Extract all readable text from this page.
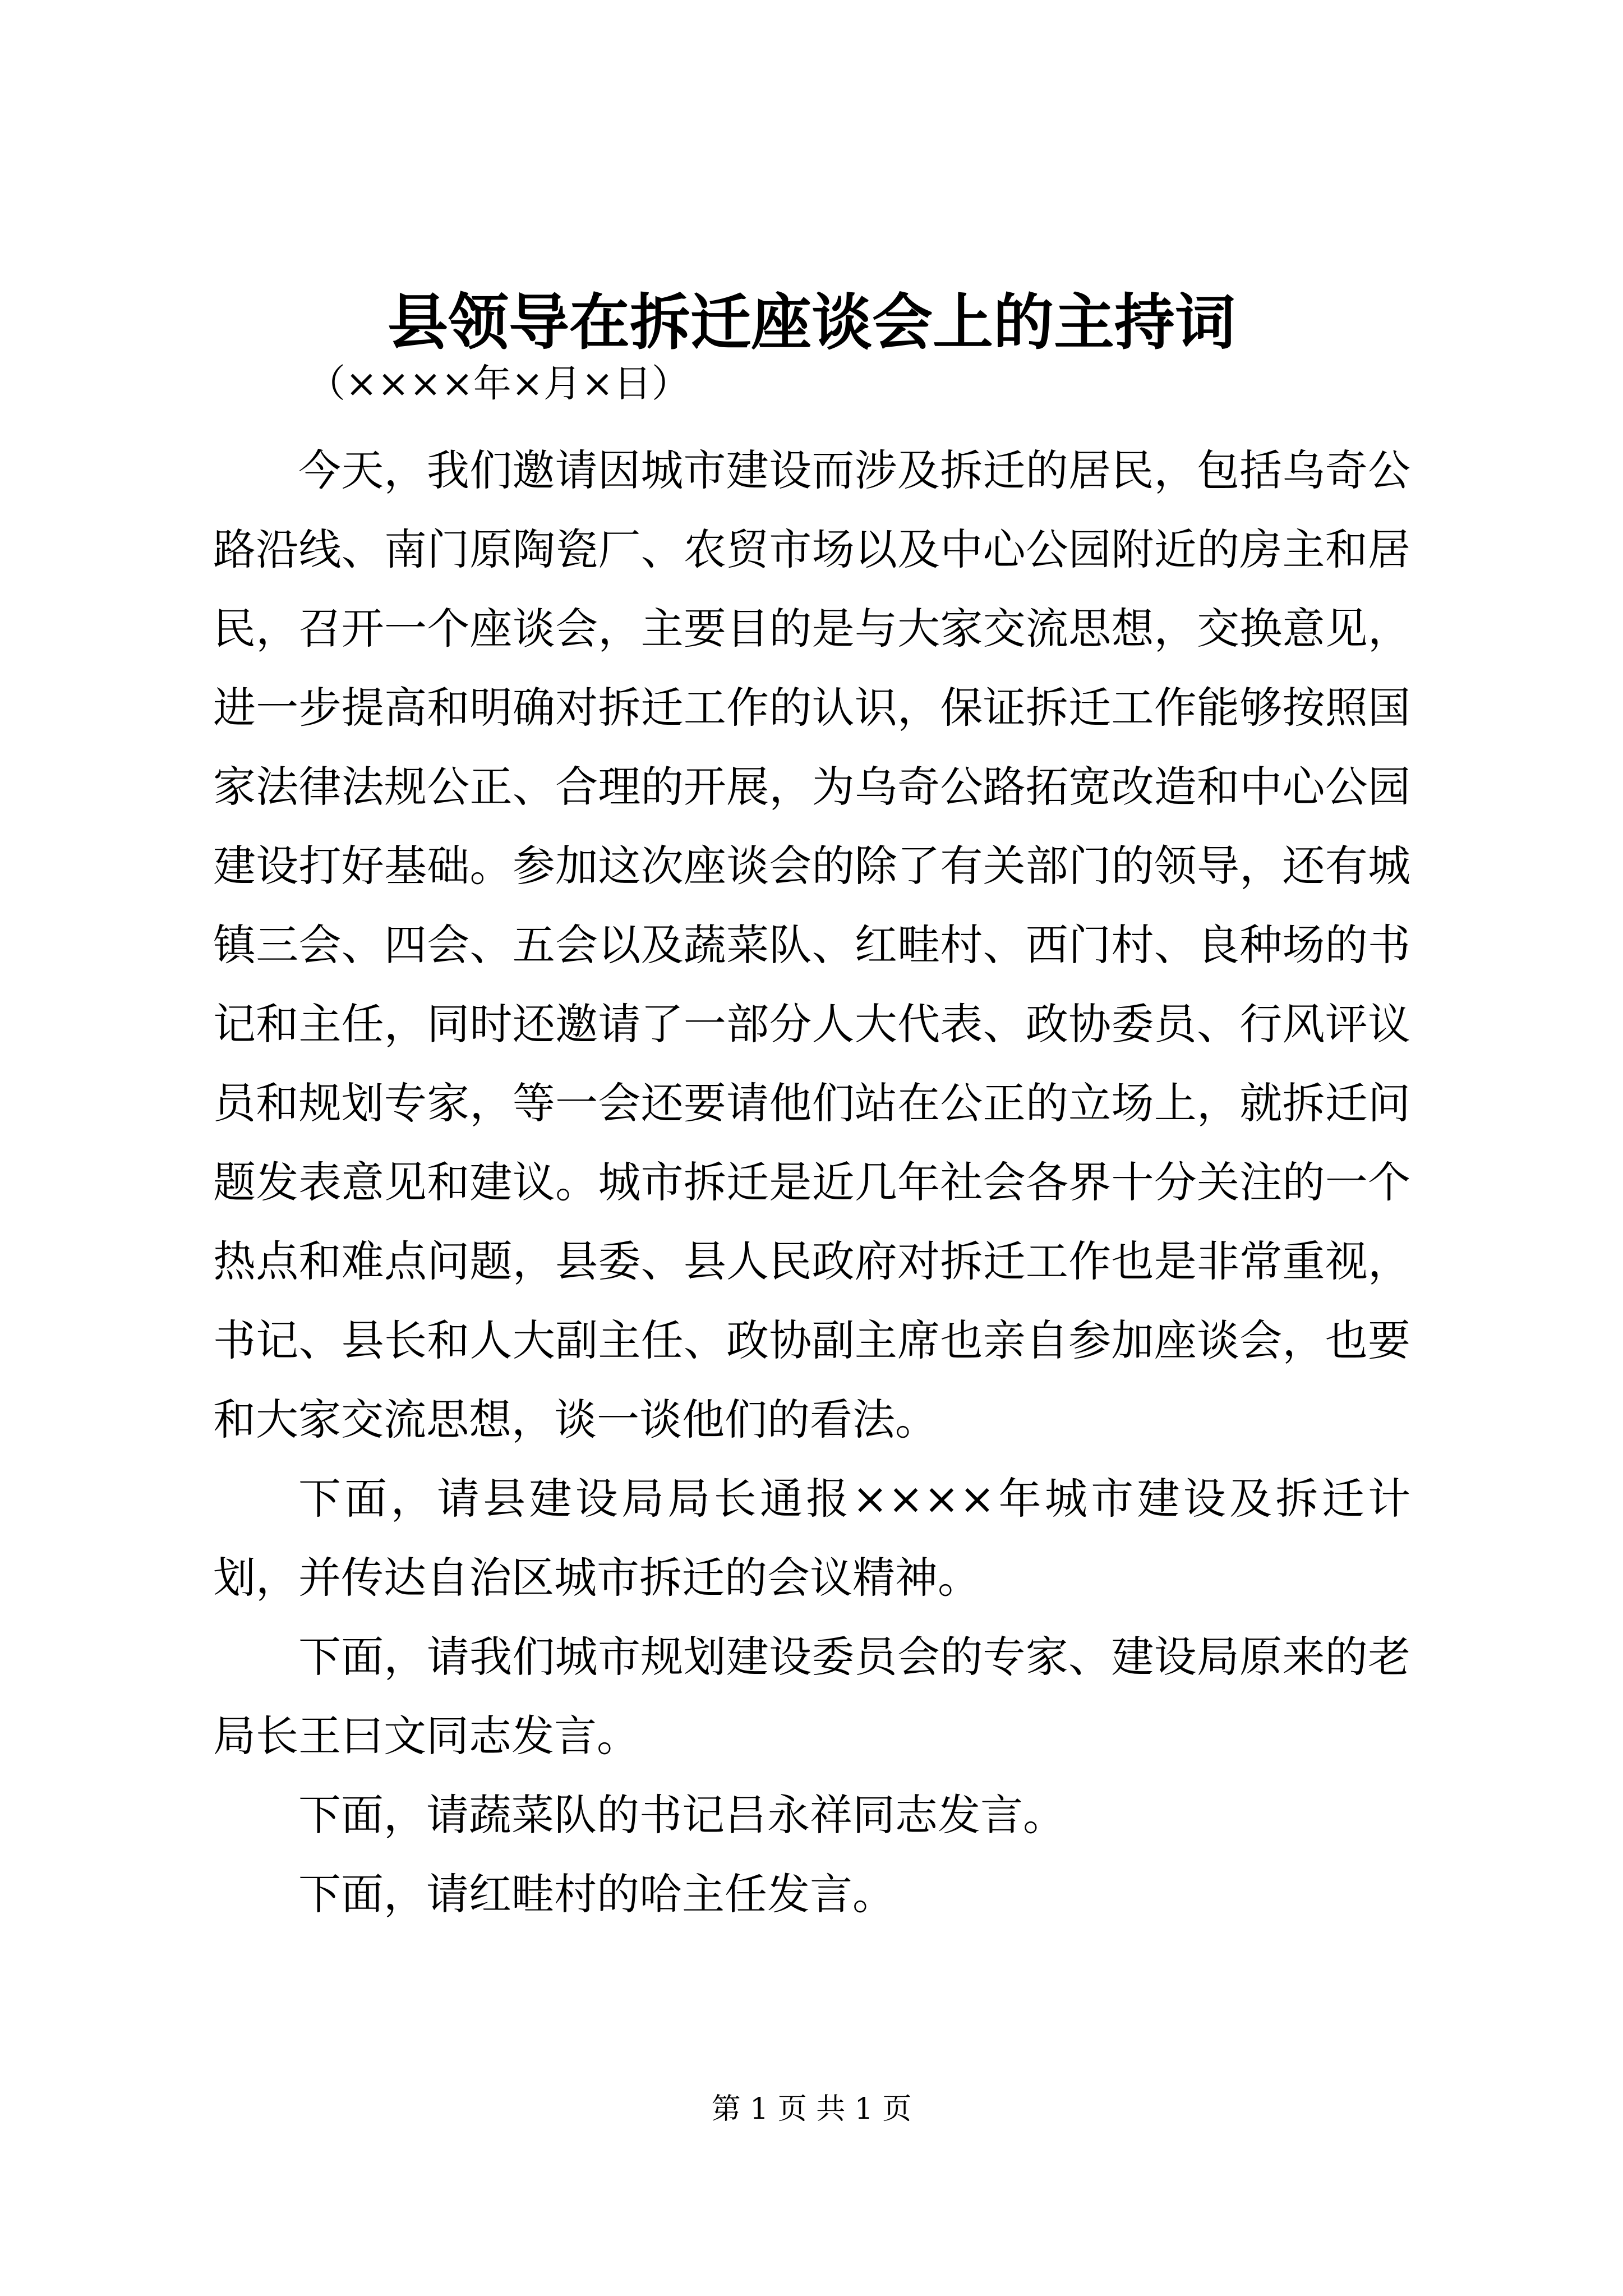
县领导在拆迁座谈会上的主持词

（××××年×月×日）

今天，我们邀请因城市建设而涉及拆迁的居民，包括乌奇公路沿线、南门原陶瓷厂、农贸市场以及中心公园附近的房主和居民，召开一个座谈会，主要目的是与大家交流思想，交换意见，进一步提高和明确对拆迁工作的认识，保证拆迁工作能够按照国家法律法规公正、合理的开展，为乌奇公路拓宽改造和中心公园建设打好基础。参加这次座谈会的除了有关部门的领导，还有城镇三会、四会、五会以及蔬菜队、红畦村、西门村、良种场的书记和主任，同时还邀请了一部分人大代表、政协委员、行风评议员和规划专家，等一会还要请他们站在公正的立场上，就拆迁问题发表意见和建议。城市拆迁是近几年社会各界十分关注的一个热点和难点问题，县委、县人民政府对拆迁工作也是非常重视，书记、县长和人大副主任、政协副主席也亲自参加座谈会，也要和大家交流思想，谈一谈他们的看法。

下面，请县建设局局长通报××××年城市建设及拆迁计划，并传达自治区城市拆迁的会议精神。

下面，请我们城市规划建设委员会的专家、建设局原来的老局长王曰文同志发言。

下面，请蔬菜队的书记吕永祥同志发言。

下面，请红畦村的哈主任发言。

第 1 页 共 1 页
